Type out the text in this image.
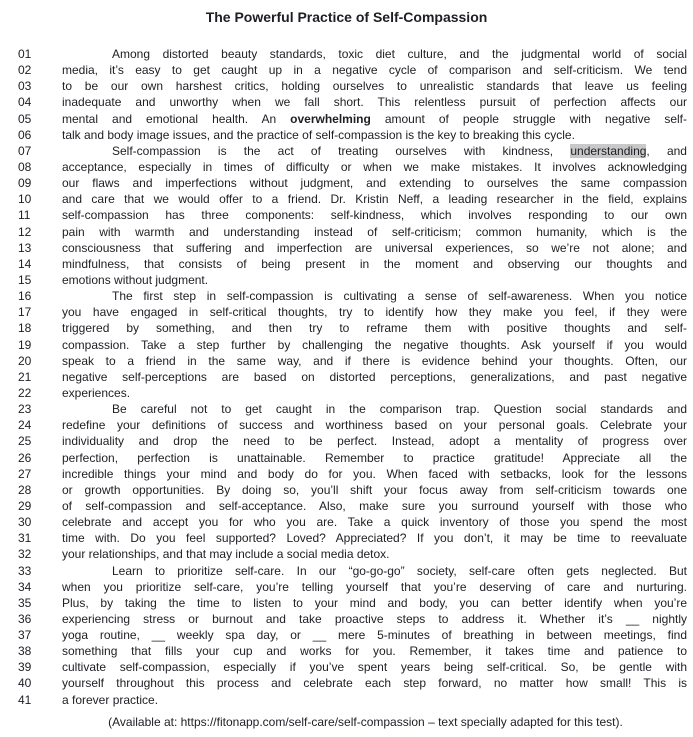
The Powerful Practice of Self-Compassion
01	Among distorted beauty standards, toxic diet culture, and the judgmental world of social
02	media, it’s easy to get caught up in a negative cycle of comparison and self-criticism. We tend
03	to be our own harshest critics, holding ourselves to unrealistic standards that leave us feeling
04	inadequate and unworthy when we fall short. This relentless pursuit of perfection affects our
05	mental and emotional health. An overwhelming amount of people struggle with negative self-
06	talk and body image issues, and the practice of self-compassion is the key to breaking this cycle.
07	Self-compassion is the act of treating ourselves with kindness, understanding, and
08	acceptance, especially in times of difficulty or when we make mistakes. It involves acknowledging
09	our flaws and imperfections without judgment, and extending to ourselves the same compassion
10	and care that we would offer to a friend. Dr. Kristin Neff, a leading researcher in the field, explains
11	self-compassion has three components: self-kindness, which involves responding to our own
12	pain with warmth and understanding instead of self-criticism; common humanity, which is the
13	consciousness that suffering and imperfection are universal experiences, so we’re not alone; and
14	mindfulness, that consists of being present in the moment and observing our thoughts and
15	emotions without judgment.
16	The first step in self-compassion is cultivating a sense of self-awareness. When you notice
17	you have engaged in self-critical thoughts, try to identify how they make you feel, if they were
18	triggered by something, and then try to reframe them with positive thoughts and self-
19	compassion. Take a step further by challenging the negative thoughts. Ask yourself if you would
20	speak to a friend in the same way, and if there is evidence behind your thoughts. Often, our
21	negative self-perceptions are based on distorted perceptions, generalizations, and past negative
22	experiences.
23	Be careful not to get caught in the comparison trap. Question social standards and
24	redefine your definitions of success and worthiness based on your personal goals. Celebrate your
25	individuality and drop the need to be perfect. Instead, adopt a mentality of progress over
26	perfection, perfection is unattainable. Remember to practice gratitude! Appreciate all the
27	incredible things your mind and body do for you. When faced with setbacks, look for the lessons
28	or growth opportunities. By doing so, you’ll shift your focus away from self-criticism towards one
29	of self-compassion and self-acceptance. Also, make sure you surround yourself with those who
30	celebrate and accept you for who you are. Take a quick inventory of those you spend the most
31	time with. Do you feel supported? Loved? Appreciated? If you don’t, it may be time to reevaluate
32	your relationships, and that may include a social media detox.
33	Learn to prioritize self-care. In our “go-go-go” society, self-care often gets neglected. But
34	when you prioritize self-care, you’re telling yourself that you’re deserving of care and nurturing.
35	Plus, by taking the time to listen to your mind and body, you can better identify when you’re
36	experiencing stress or burnout and take proactive steps to address it. Whether it’s __ nightly
37	yoga routine, __ weekly spa day, or __ mere 5-minutes of breathing in between meetings, find
38	something that fills your cup and works for you. Remember, it takes time and patience to
39	cultivate self-compassion, especially if you’ve spent years being self-critical. So, be gentle with
40	yourself throughout this process and celebrate each step forward, no matter how small! This is
41	a forever practice.
(Available at: https://fitonapp.com/self-care/self-compassion – text specially adapted for this test).
